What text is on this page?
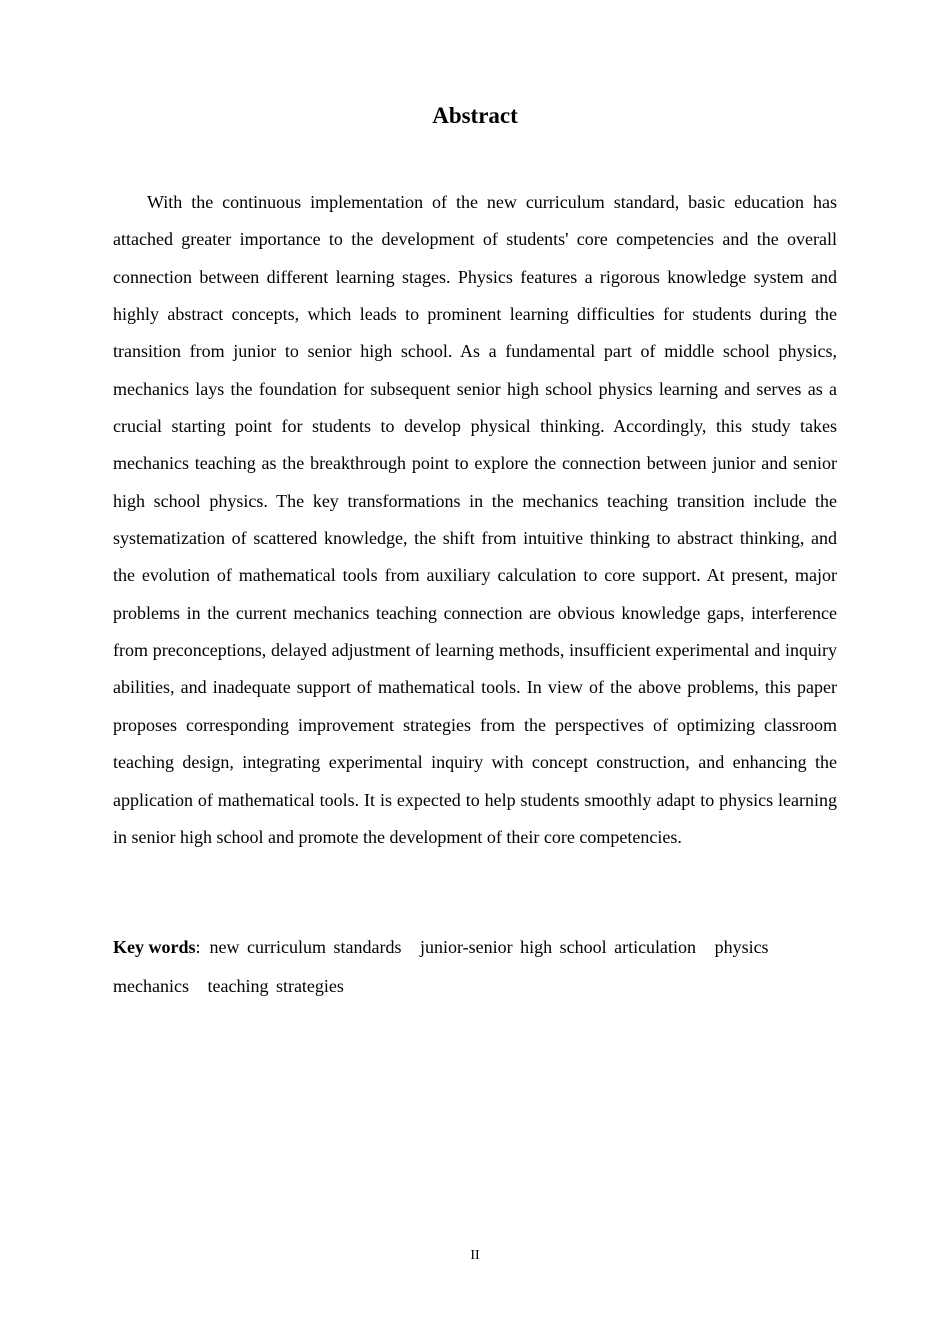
Abstract

With the continuous implementation of the new curriculum standard, basic education has attached greater importance to the development of students' core competencies and the overall connection between different learning stages. Physics features a rigorous knowledge system and highly abstract concepts, which leads to prominent learning difficulties for students during the transition from junior to senior high school. As a fundamental part of middle school physics, mechanics lays the foundation for subsequent senior high school physics learning and serves as a crucial starting point for students to develop physical thinking. Accordingly, this study takes mechanics teaching as the breakthrough point to explore the connection between junior and senior high school physics. The key transformations in the mechanics teaching transition include the systematization of scattered knowledge, the shift from intuitive thinking to abstract thinking, and the evolution of mathematical tools from auxiliary calculation to core support. At present, major problems in the current mechanics teaching connection are obvious knowledge gaps, interference from preconceptions, delayed adjustment of learning methods, insufficient experimental and inquiry abilities, and inadequate support of mathematical tools. In view of the above problems, this paper proposes corresponding improvement strategies from the perspectives of optimizing classroom teaching design, integrating experimental inquiry with concept construction, and enhancing the application of mathematical tools. It is expected to help students smoothly adapt to physics learning in senior high school and promote the development of their core competencies.

Key words: new curriculum standards junior-senior high school articulation physics
mechanics teaching strategies

II
